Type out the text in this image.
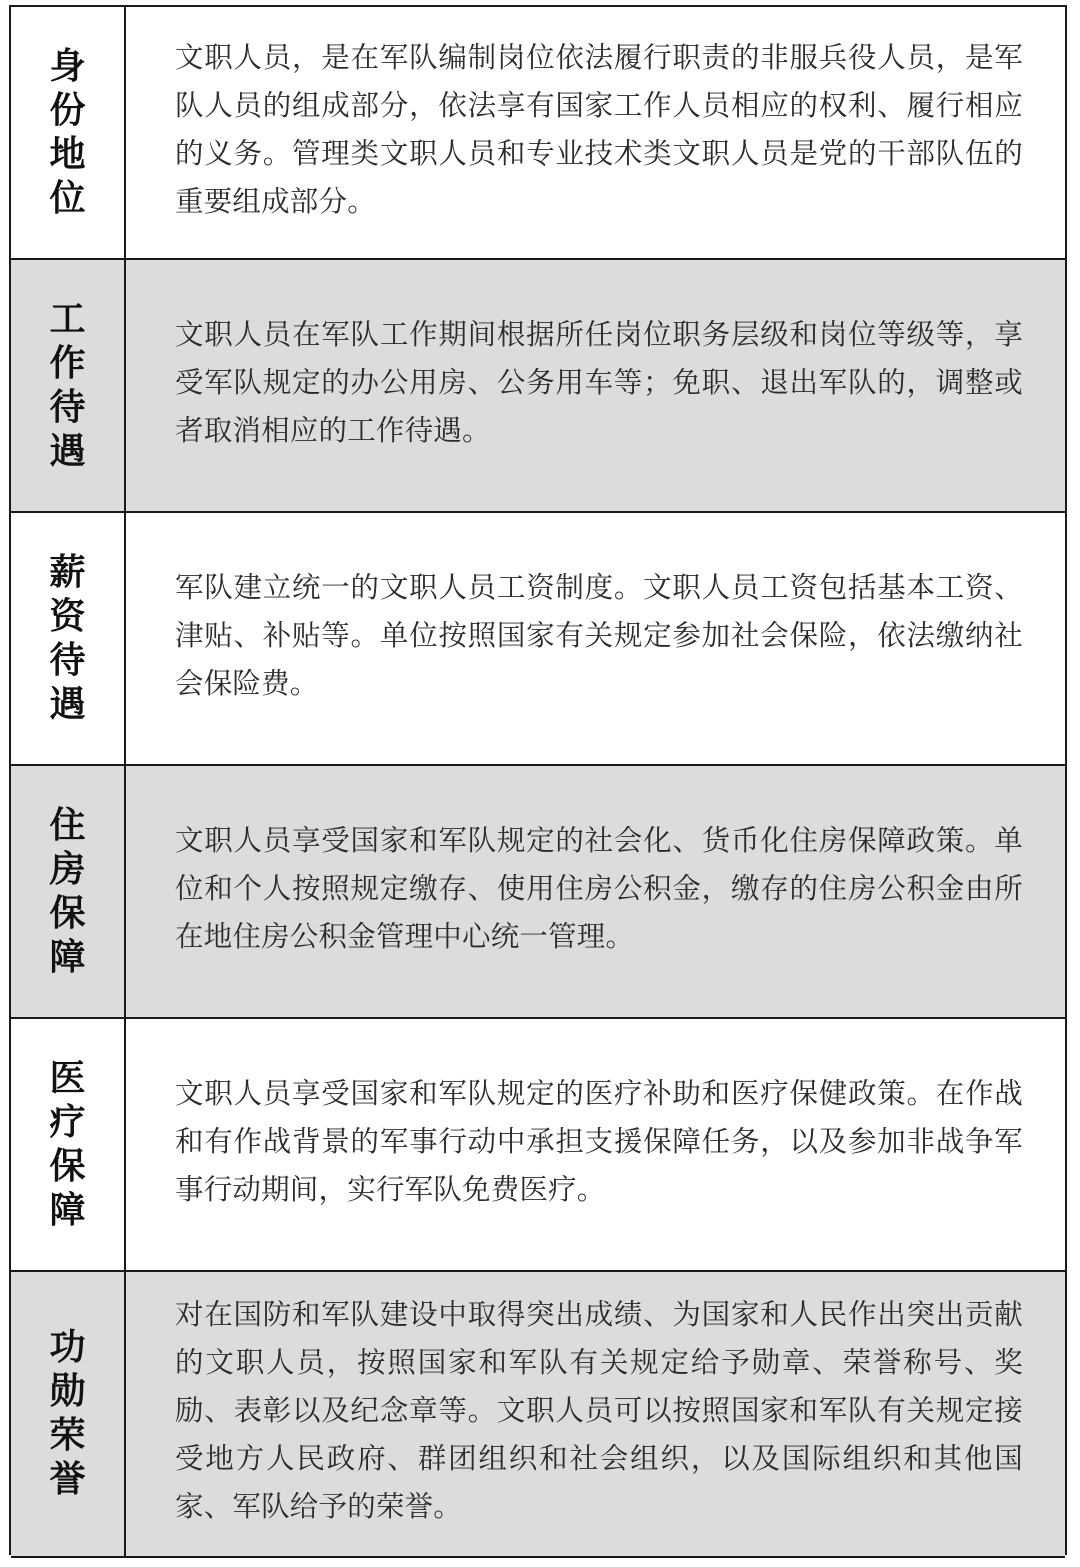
身份地位
文职人员，是在军队编制岗位依法履行职责的非服兵役人员，是军队人员的组成部分，依法享有国家工作人员相应的权利、履行相应的义务。管理类文职人员和专业技术类文职人员是党的干部队伍的重要组成部分。
工作待遇
文职人员在军队工作期间根据所任岗位职务层级和岗位等级等，享受军队规定的办公用房、公务用车等；免职、退出军队的，调整或者取消相应的工作待遇。
薪资待遇
军队建立统一的文职人员工资制度。文职人员工资包括基本工资、津贴、补贴等。单位按照国家有关规定参加社会保险，依法缴纳社会保险费。
住房保障
文职人员享受国家和军队规定的社会化、货币化住房保障政策。单位和个人按照规定缴存、使用住房公积金，缴存的住房公积金由所在地住房公积金管理中心统一管理。
医疗保障
文职人员享受国家和军队规定的医疗补助和医疗保健政策。在作战和有作战背景的军事行动中承担支援保障任务，以及参加非战争军事行动期间，实行军队免费医疗。
功勋荣誉
对在国防和军队建设中取得突出成绩、为国家和人民作出突出贡献的文职人员，按照国家和军队有关规定给予勋章、荣誉称号、奖励、表彰以及纪念章等。文职人员可以按照国家和军队有关规定接受地方人民政府、群团组织和社会组织，以及国际组织和其他国家、军队给予的荣誉。
